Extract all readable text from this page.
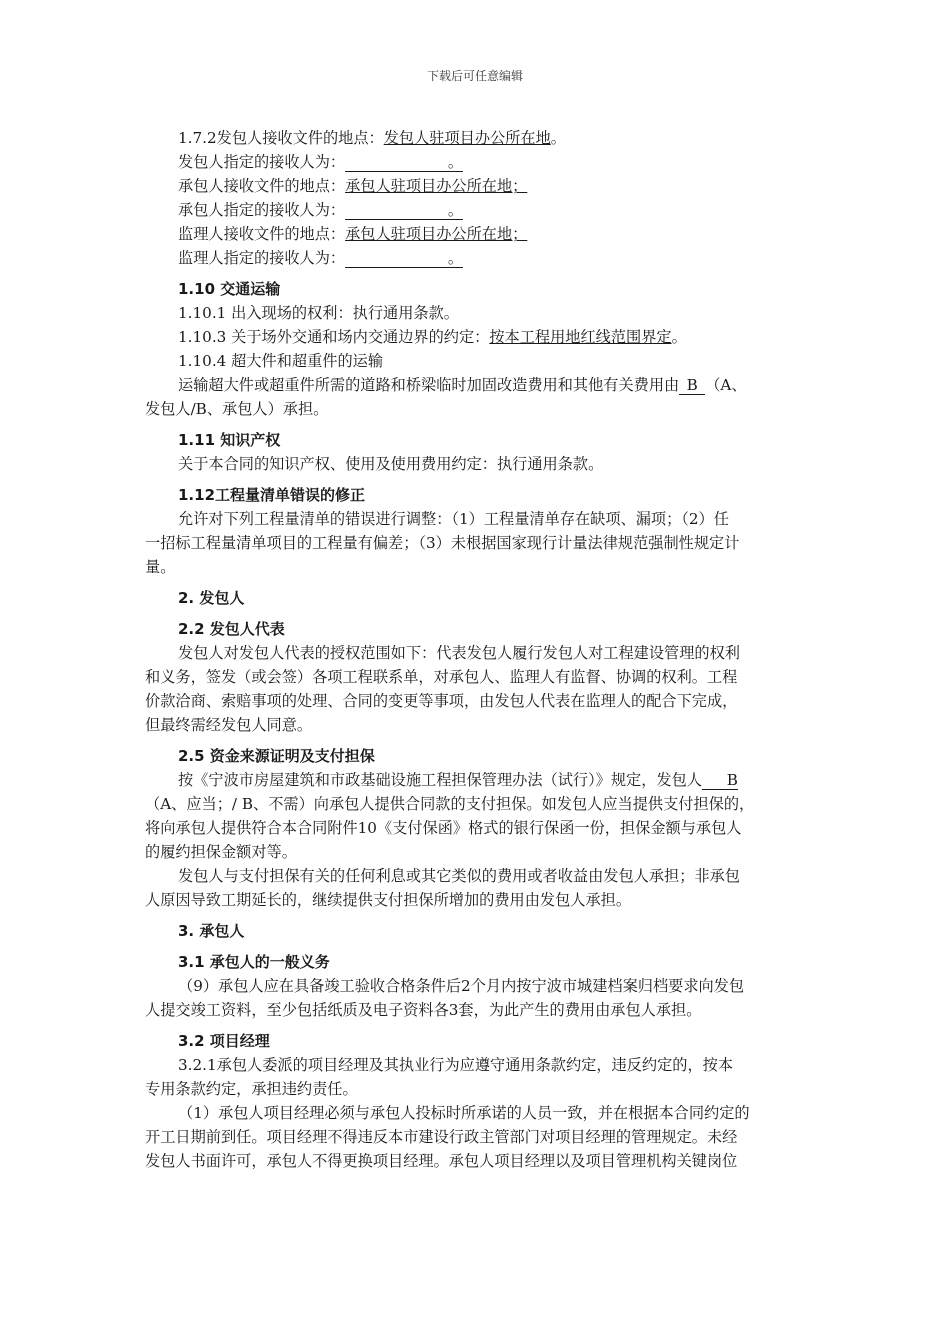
下载后可任意编辑
1.7.2发包人接收文件的地点：发包人驻项目办公所在地。
发包人指定的接收人为：	。
承包人接收文件的地点：承包人驻项目办公所在地；
承包人指定的接收人为：	。
监理人接收文件的地点：承包人驻项目办公所在地；
监理人指定的接收人为：	。
1.10 交通运输
1.10.1 出入现场的权利：执行通用条款。
1.10.3 关于场外交通和场内交通边界的约定：按本工程用地红线范围界定。
1.10.4 超大件和超重件的运输
运输超大件或超重件所需的道路和桥梁临时加固改造费用和其他有关费用由 B （A、
发包人/B、承包人）承担。
1.11 知识产权
关于本合同的知识产权、使用及使用费用约定：执行通用条款。
1.12工程量清单错误的修正
允许对下列工程量清单的错误进行调整：（1）工程量清单存在缺项、漏项；（2）任
一招标工程量清单项目的工程量有偏差；（3）未根据国家现行计量法律规范强制性规定计
量。
2. 发包人
2.2 发包人代表
发包人对发包人代表的授权范围如下：代表发包人履行发包人对工程建设管理的权利
和义务，签发（或会签）各项工程联系单，对承包人、监理人有监督、协调的权利。工程
价款洽商、索赔事项的处理、合同的变更等事项，由发包人代表在监理人的配合下完成，
但最终需经发包人同意。
2.5 资金来源证明及支付担保
按《宁波市房屋建筑和市政基础设施工程担保管理办法（试行）》规定，发包人 B
（A、应当；/ B、不需）向承包人提供合同款的支付担保。如发包人应当提供支付担保的，
将向承包人提供符合本合同附件10《支付保函》格式的银行保函一份，担保金额与承包人
的履约担保金额对等。
发包人与支付担保有关的任何利息或其它类似的费用或者收益由发包人承担；非承包
人原因导致工期延长的，继续提供支付担保所增加的费用由发包人承担。
3. 承包人
3.1 承包人的一般义务
（9）承包人应在具备竣工验收合格条件后2个月内按宁波市城建档案归档要求向发包
人提交竣工资料，至少包括纸质及电子资料各3套，为此产生的费用由承包人承担。
3.2 项目经理
3.2.1承包人委派的项目经理及其执业行为应遵守通用条款约定，违反约定的，按本
专用条款约定，承担违约责任。
（1）承包人项目经理必须与承包人投标时所承诺的人员一致，并在根据本合同约定的
开工日期前到任。项目经理不得违反本市建设行政主管部门对项目经理的管理规定。未经
发包人书面许可，承包人不得更换项目经理。承包人项目经理以及项目管理机构关键岗位
